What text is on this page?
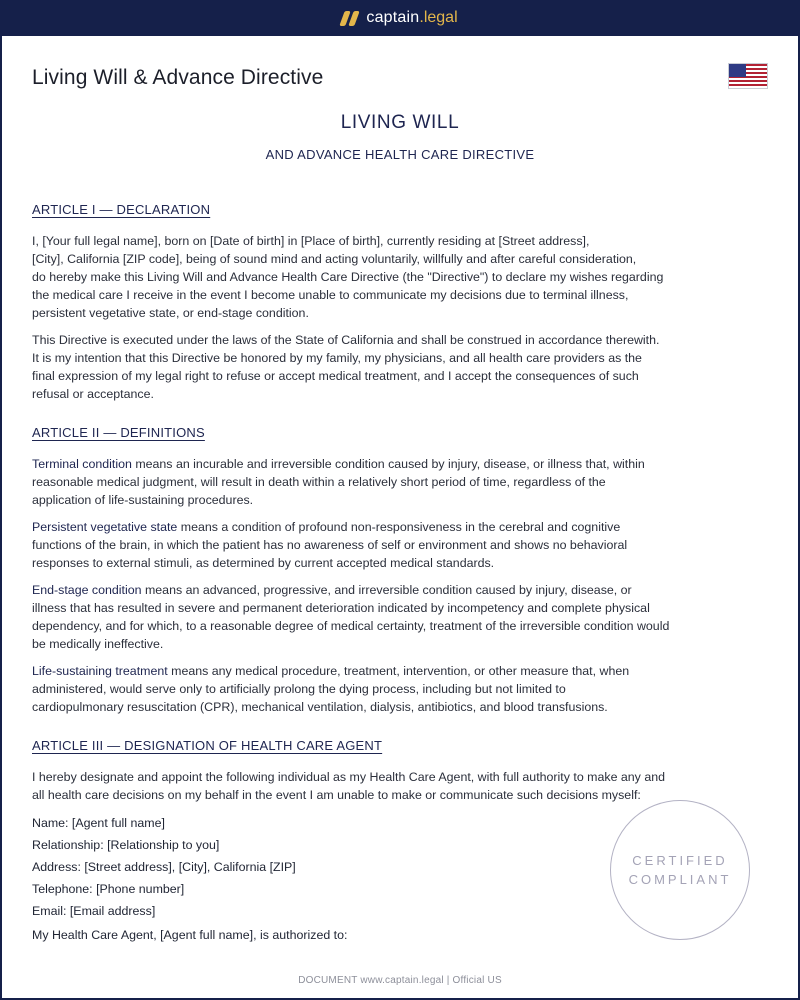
captain.legal
Living Will & Advance Directive
LIVING WILL
AND ADVANCE HEALTH CARE DIRECTIVE
ARTICLE I — DECLARATION
I, [Your full legal name], born on [Date of birth] in [Place of birth], currently residing at [Street address],
[City], California [ZIP code], being of sound mind and acting voluntarily, willfully and after careful consideration,
do hereby make this Living Will and Advance Health Care Directive (the "Directive") to declare my wishes regarding
the medical care I receive in the event I become unable to communicate my decisions due to terminal illness,
persistent vegetative state, or end-stage condition.
This Directive is executed under the laws of the State of California and shall be construed in accordance therewith.
It is my intention that this Directive be honored by my family, my physicians, and all health care providers as the
final expression of my legal right to refuse or accept medical treatment, and I accept the consequences of such
refusal or acceptance.
ARTICLE II — DEFINITIONS
Terminal condition means an incurable and irreversible condition caused by injury, disease, or illness that, within
reasonable medical judgment, will result in death within a relatively short period of time, regardless of the
application of life-sustaining procedures.
Persistent vegetative state means a condition of profound non-responsiveness in the cerebral and cognitive
functions of the brain, in which the patient has no awareness of self or environment and shows no behavioral
responses to external stimuli, as determined by current accepted medical standards.
End-stage condition means an advanced, progressive, and irreversible condition caused by injury, disease, or
illness that has resulted in severe and permanent deterioration indicated by incompetency and complete physical
dependency, and for which, to a reasonable degree of medical certainty, treatment of the irreversible condition would
be medically ineffective.
Life-sustaining treatment means any medical procedure, treatment, intervention, or other measure that, when
administered, would serve only to artificially prolong the dying process, including but not limited to
cardiopulmonary resuscitation (CPR), mechanical ventilation, dialysis, antibiotics, and blood transfusions.
ARTICLE III — DESIGNATION OF HEALTH CARE AGENT
I hereby designate and appoint the following individual as my Health Care Agent, with full authority to make any and
all health care decisions on my behalf in the event I am unable to make or communicate such decisions myself:
Name: [Agent full name]
Relationship: [Relationship to you]
Address: [Street address], [City], California [ZIP]
Telephone: [Phone number]
Email: [Email address]
My Health Care Agent, [Agent full name], is authorized to:
CERTIFIED
COMPLIANT
DOCUMENT www.captain.legal | Official US
